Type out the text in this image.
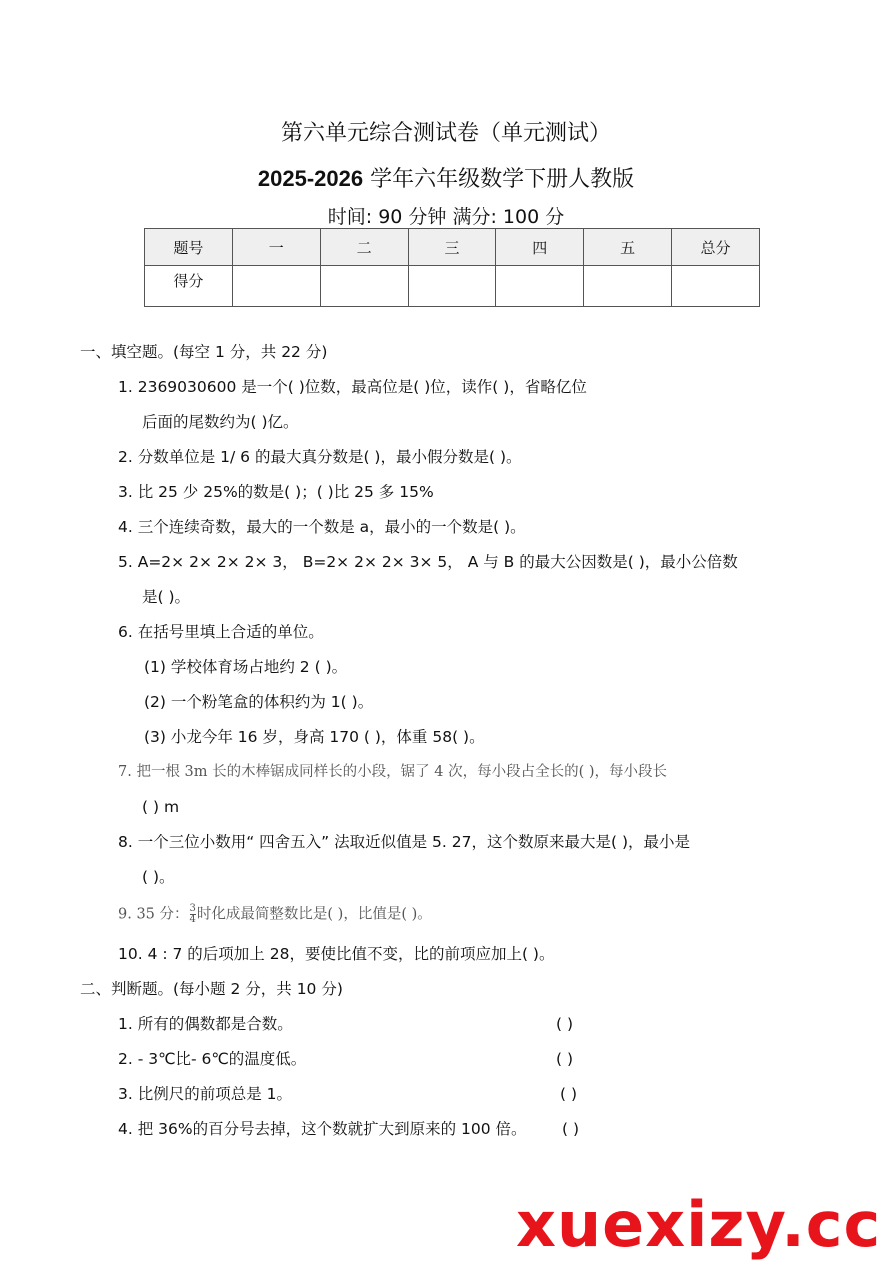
第六单元综合测试卷（单元测试）
2025-2026 学年六年级数学下册人教版
时间: 90 分钟 满分: 100 分
题号	一	二	三	四	五	总分
得分						
一、填空题。(每空 1 分，共 22 分)
1. 2369030600 是一个( )位数，最高位是( )位，读作( )，省略亿位
后面的尾数约为( )亿。
2. 分数单位是 1/ 6 的最大真分数是( )，最小假分数是( )。
3. 比 25 少 25%的数是( )；( )比 25 多 15%
4. 三个连续奇数，最大的一个数是 a，最小的一个数是( )。
5. A=2× 2× 2× 2× 3， B=2× 2× 2× 3× 5， A 与 B 的最大公因数是( )，最小公倍数
是( )。
6. 在括号里填上合适的单位。
(1) 学校体育场占地约 2 ( )。
(2) 一个粉笔盒的体积约为 1( )。
(3) 小龙今年 16 岁，身高 170 ( )，体重 58( )。
7. 把一根 3m 长的木棒锯成同样长的小段，锯了 4 次，每小段占全长的( )，每小段长
( ) m
8. 一个三位小数用“ 四舍五入” 法取近似值是 5. 27，这个数原来最大是( )，最小是
( )。
9. 35 分： $\frac{3}{4}$ 时化成最简整数比是( )，比值是( )。
10. 4 : 7 的后项加上 28，要使比值不变，比的前项应加上( )。
二、判断题。(每小题 2 分，共 10 分)
1. 所有的偶数都是合数。	( )
2. - 3℃比- 6℃的温度低。	( )
3. 比例尺的前项总是 1。	( )
4. 把 36%的百分号去掉，这个数就扩大到原来的 100 倍。 ( )
xuexizy.cc
